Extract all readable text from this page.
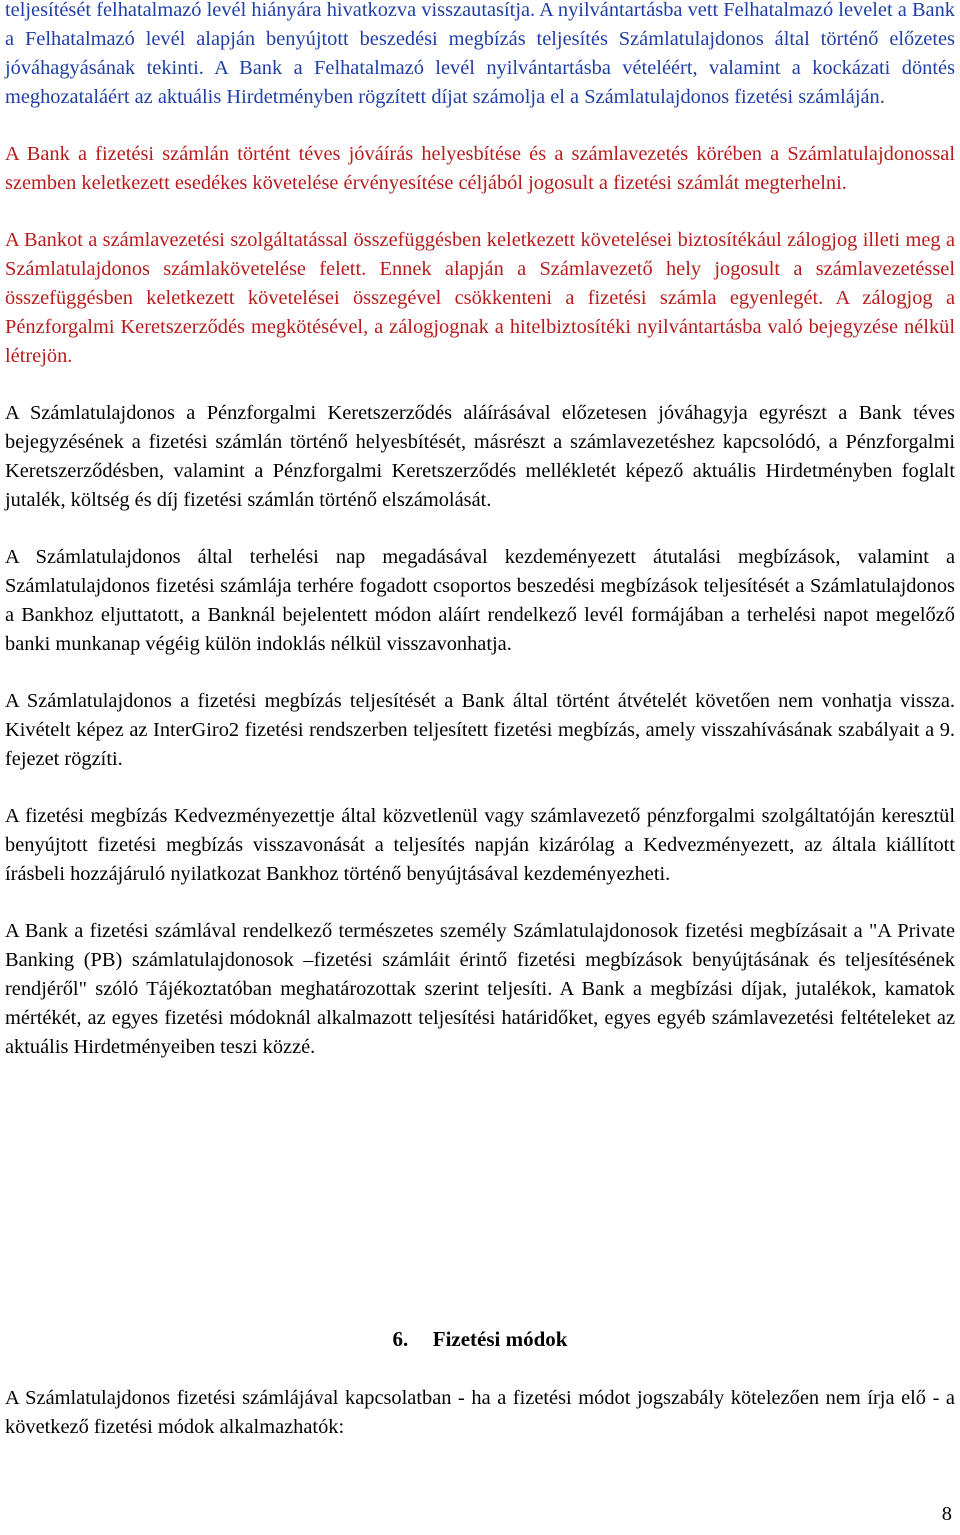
teljesítését felhatalmazó levél hiányára hivatkozva visszautasítja. A nyilvántartásba vett Felhatalmazó levelet a Bank a Felhatalmazó levél alapján benyújtott beszedési megbízás teljesítés Számlatulajdonos által történő előzetes jóváhagyásának tekinti. A Bank a Felhatalmazó levél nyilvántartásba vételéért, valamint a kockázati döntés meghozataláért az aktuális Hirdetményben rögzített díjat számolja el a Számlatulajdonos fizetési számláján.

A Bank a fizetési számlán történt téves jóváírás helyesbítése és a számlavezetés körében a Számlatulajdonossal szemben keletkezett esedékes követelése érvényesítése céljából jogosult a fizetési számlát megterhelni.

A Bankot a számlavezetési szolgáltatással összefüggésben keletkezett követelései biztosítékául zálogjog illeti meg a Számlatulajdonos számlakövetelése felett. Ennek alapján a Számlavezető hely jogosult a számlavezetéssel összefüggésben keletkezett követelései összegével csökkenteni a fizetési számla egyenlegét. A zálogjog a Pénzforgalmi Keretszerződés megkötésével, a zálogjognak a hitelbiztosítéki nyilvántartásba való bejegyzése nélkül létrejön.

A Számlatulajdonos a Pénzforgalmi Keretszerződés aláírásával előzetesen jóváhagyja egyrészt a Bank téves bejegyzésének a fizetési számlán történő helyesbítését, másrészt a számlavezetéshez kapcsolódó, a Pénzforgalmi Keretszerződésben, valamint a Pénzforgalmi Keretszerződés mellékletét képező aktuális Hirdetményben foglalt jutalék, költség és díj fizetési számlán történő elszámolását.

A Számlatulajdonos által terhelési nap megadásával kezdeményezett átutalási megbízások, valamint a Számlatulajdonos fizetési számlája terhére fogadott csoportos beszedési megbízások teljesítését a Számlatulajdonos a Bankhoz eljuttatott, a Banknál bejelentett módon aláírt rendelkező levél formájában a terhelési napot megelőző banki munkanap végéig külön indoklás nélkül visszavonhatja.

A Számlatulajdonos a fizetési megbízás teljesítését a Bank által történt átvételét követően nem vonhatja vissza. Kivételt képez az InterGiro2 fizetési rendszerben teljesített fizetési megbízás, amely visszahívásának szabályait a 9. fejezet rögzíti.

A fizetési megbízás Kedvezményezettje által közvetlenül vagy számlavezető pénzforgalmi szolgáltatóján keresztül benyújtott fizetési megbízás visszavonását a teljesítés napján kizárólag a Kedvezményezett, az általa kiállított írásbeli hozzájáruló nyilatkozat Bankhoz történő benyújtásával kezdeményezheti.

A Bank a fizetési számlával rendelkező természetes személy Számlatulajdonosok fizetési megbízásait a "A Private Banking (PB) számlatulajdonosok –fizetési számláit érintő fizetési megbízások benyújtásának és teljesítésének rendjéről" szóló Tájékoztatóban meghatározottak szerint teljesíti. A Bank a megbízási díjak, jutalékok, kamatok mértékét, az egyes fizetési módoknál alkalmazott teljesítési határidőket, egyes egyéb számlavezetési feltételeket az aktuális Hirdetményeiben teszi közzé.

6. Fizetési módok

A Számlatulajdonos fizetési számlájával kapcsolatban - ha a fizetési módot jogszabály kötelezően nem írja elő - a következő fizetési módok alkalmazhatók:

8
